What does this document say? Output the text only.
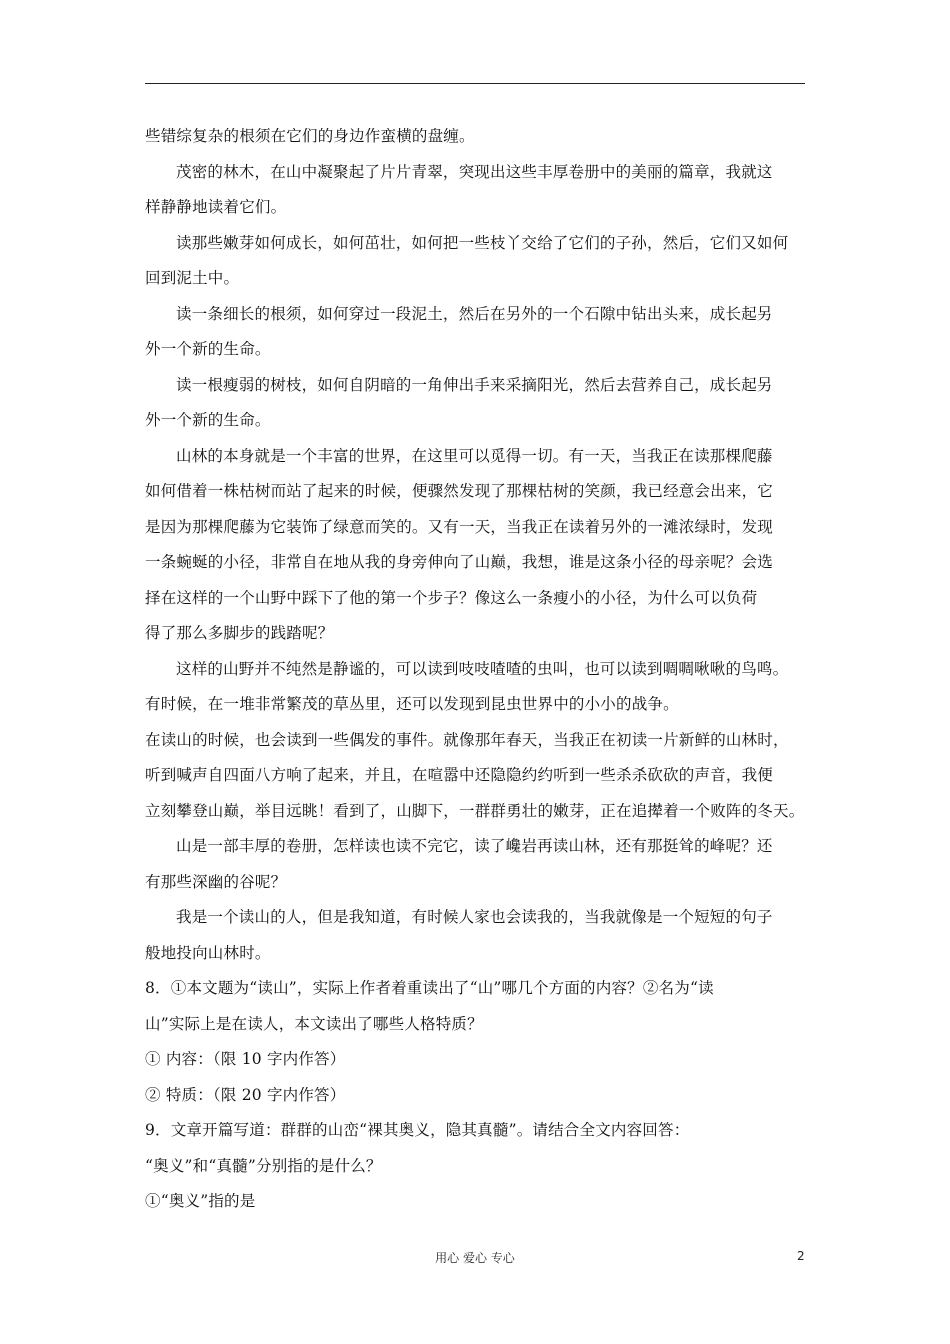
些错综复杂的根须在它们的身边作蛮横的盘缠。
茂密的林木，在山中凝聚起了片片青翠，突现出这些丰厚卷册中的美丽的篇章，我就这
样静静地读着它们。
读那些嫩芽如何成长，如何茁壮，如何把一些枝丫交给了它们的子孙，然后，它们又如何
回到泥土中。
读一条细长的根须，如何穿过一段泥土，然后在另外的一个石隙中钻出头来，成长起另
外一个新的生命。
读一根瘦弱的树枝，如何自阴暗的一角伸出手来采摘阳光，然后去营养自己，成长起另
外一个新的生命。
山林的本身就是一个丰富的世界，在这里可以觅得一切。有一天，当我正在读那棵爬藤
如何借着一株枯树而站了起来的时候，便骤然发现了那棵枯树的笑颜，我已经意会出来，它
是因为那棵爬藤为它装饰了绿意而笑的。又有一天，当我正在读着另外的一滩浓绿时，发现
一条蜿蜒的小径，非常自在地从我的身旁伸向了山巅，我想，谁是这条小径的母亲呢？会选
择在这样的一个山野中踩下了他的第一个步子？像这么一条瘦小的小径，为什么可以负荷
得了那么多脚步的践踏呢？
这样的山野并不纯然是静谧的，可以读到吱吱喳喳的虫叫，也可以读到啁啁啾啾的鸟鸣。
有时候，在一堆非常繁茂的草丛里，还可以发现到昆虫世界中的小小的战争。
在读山的时候，也会读到一些偶发的事件。就像那年春天，当我正在初读一片新鲜的山林时，
听到喊声自四面八方响了起来，并且，在喧嚣中还隐隐约约听到一些杀杀砍砍的声音，我便
立刻攀登山巅，举目远眺！看到了，山脚下，一群群勇壮的嫩芽，正在追撵着一个败阵的冬天。
山是一部丰厚的卷册，怎样读也读不完它，读了巉岩再读山林，还有那挺耸的峰呢？还
有那些深幽的谷呢？
我是一个读山的人，但是我知道，有时候人家也会读我的，当我就像是一个短短的句子
般地投向山林时。
8．①本文题为“读山”，实际上作者着重读出了“山”哪几个方面的内容？②名为“读
山”实际上是在读人，本文读出了哪些人格特质？
① 内容：（限 10 字内作答）
② 特质：（限 20 字内作答）
9．文章开篇写道：群群的山峦“裸其奥义，隐其真髓”。请结合全文内容回答：
“奥义”和“真髓”分别指的是什么？
①“奥义”指的是
用心 爱心 专心	2
